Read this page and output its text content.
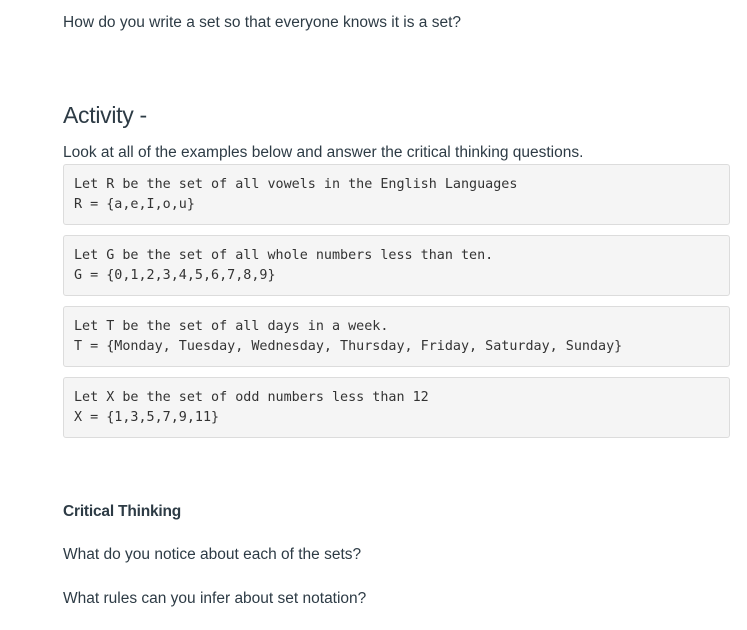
How do you write a set so that everyone knows it is a set?

Activity -

Look at all of the examples below and answer the critical thinking questions.

Let R be the set of all vowels in the English Languages
R = {a,e,I,o,u}
Let G be the set of all whole numbers less than ten.
G = {0,1,2,3,4,5,6,7,8,9}
Let T be the set of all days in a week.
T = {Monday, Tuesday, Wednesday, Thursday, Friday, Saturday, Sunday}
Let X be the set of odd numbers less than 12
X = {1,3,5,7,9,11}

Critical Thinking

What do you notice about each of the sets?

What rules can you infer about set notation?
